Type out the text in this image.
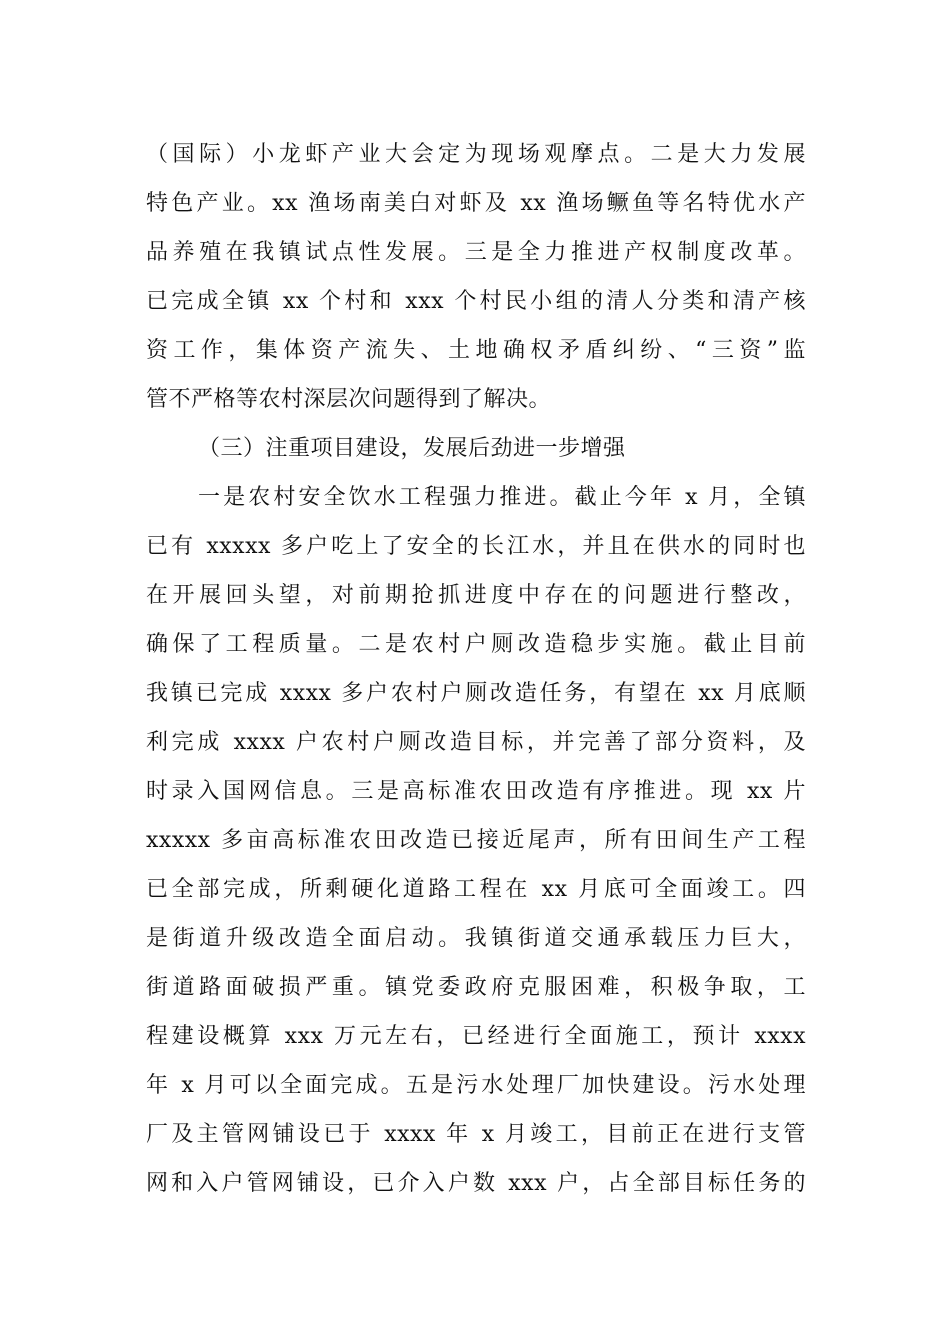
（国际）小龙虾产业大会定为现场观摩点。二是大力发展
特色产业。xx 渔场南美白对虾及 xx 渔场鳜鱼等名特优水产
品养殖在我镇试点性发展。三是全力推进产权制度改革。
已完成全镇 xx 个村和 xxx 个村民小组的清人分类和清产核
资工作，集体资产流失、土地确权矛盾纠纷、“三资”监
管不严格等农村深层次问题得到了解决。
（三）注重项目建设，发展后劲进一步增强
一是农村安全饮水工程强力推进。截止今年 x 月，全镇
已有 xxxxx 多户吃上了安全的长江水，并且在供水的同时也
在开展回头望，对前期抢抓进度中存在的问题进行整改，
确保了工程质量。二是农村户厕改造稳步实施。截止目前
我镇已完成 xxxx 多户农村户厕改造任务，有望在 xx 月底顺
利完成 xxxx 户农村户厕改造目标，并完善了部分资料，及
时录入国网信息。三是高标准农田改造有序推进。现 xx 片
xxxxx 多亩高标准农田改造已接近尾声，所有田间生产工程
已全部完成，所剩硬化道路工程在 xx 月底可全面竣工。四
是街道升级改造全面启动。我镇街道交通承载压力巨大，
街道路面破损严重。镇党委政府克服困难，积极争取，工
程建设概算 xxx 万元左右，已经进行全面施工，预计 xxxx
年 x 月可以全面完成。五是污水处理厂加快建设。污水处理
厂及主管网铺设已于 xxxx 年 x 月竣工，目前正在进行支管
网和入户管网铺设，已介入户数 xxx 户，占全部目标任务的
